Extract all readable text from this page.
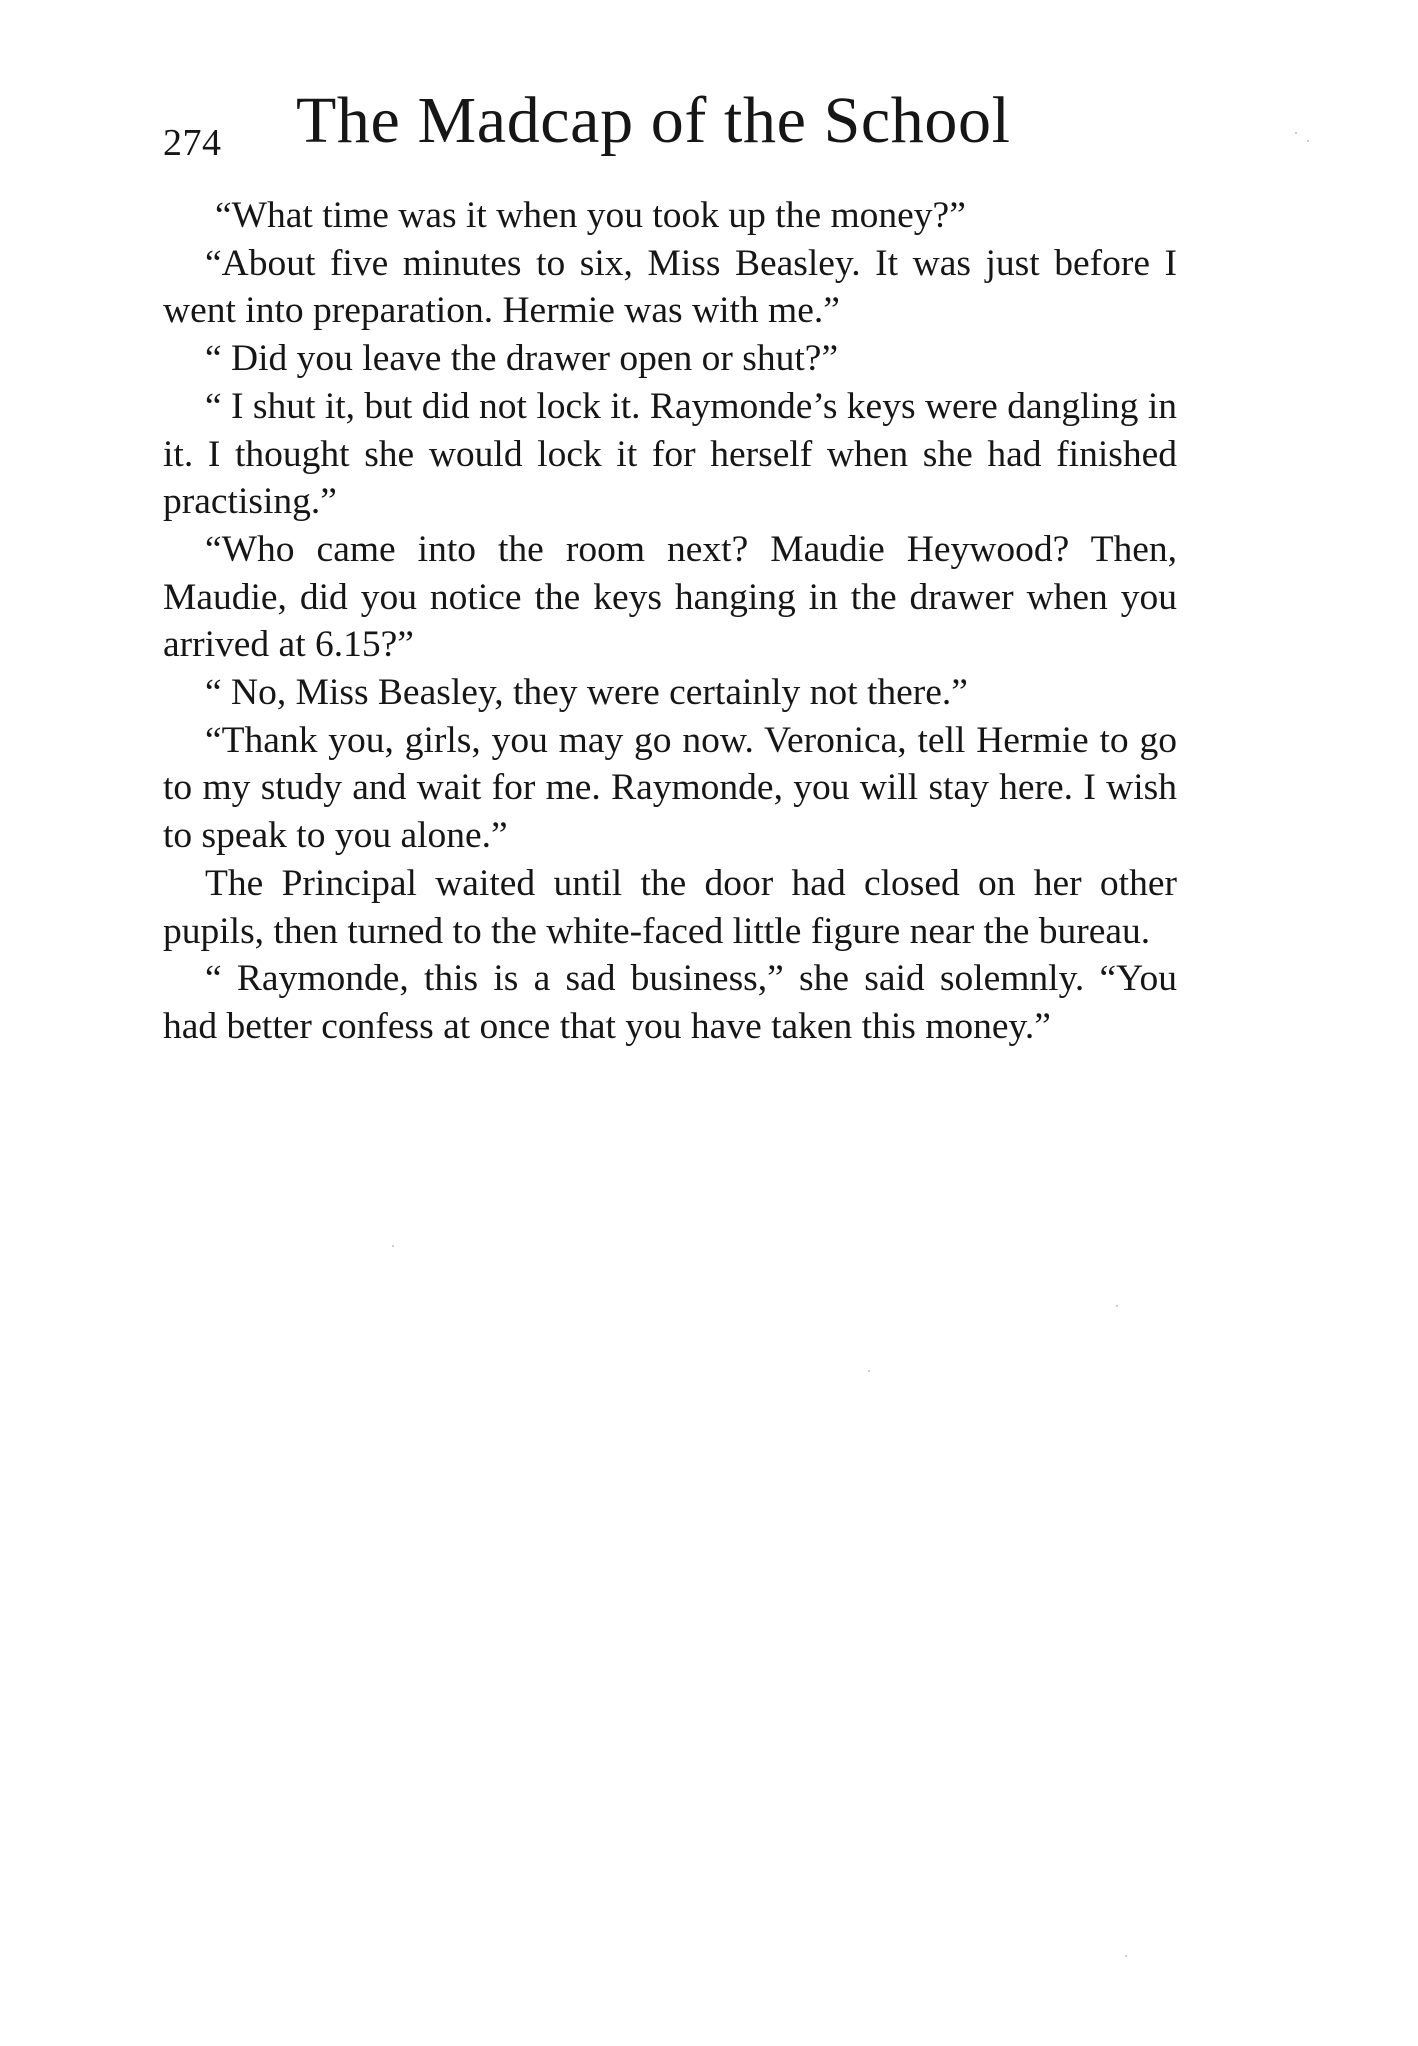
274 The Madcap of the School

“What time was it when you took up the money?”

“About five minutes to six, Miss Beasley. It was just before I went into preparation. Hermie was with me.”

“ Did you leave the drawer open or shut?”

“ I shut it, but did not lock it. Raymonde’s keys were dangling in it. I thought she would lock it for herself when she had finished practising.”

“Who came into the room next? Maudie Heywood? Then, Maudie, did you notice the keys hanging in the drawer when you arrived at 6.15?”

“ No, Miss Beasley, they were certainly not there.”

“Thank you, girls, you may go now. Veronica, tell Hermie to go to my study and wait for me. Raymonde, you will stay here. I wish to speak to you alone.”

The Principal waited until the door had closed on her other pupils, then turned to the white-faced little figure near the bureau.

“ Raymonde, this is a sad business,” she said solemnly. “You had better confess at once that you have taken this money.”
